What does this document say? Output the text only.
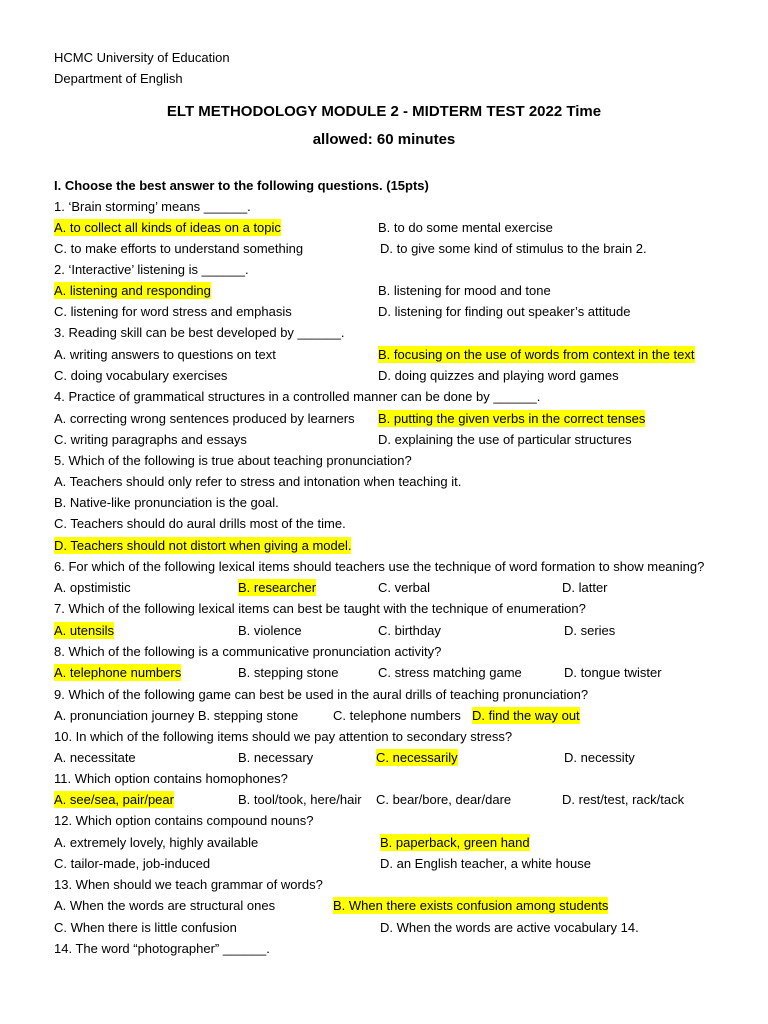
HCMC University of Education
Department of English
ELT METHODOLOGY MODULE 2 - MIDTERM TEST 2022 Time
allowed: 60 minutes
I. Choose the best answer to the following questions. (15pts)
1. ‘Brain storming’ means ______.
A. to collect all kinds of ideas on a topic	B. to do some mental exercise
C. to make efforts to understand something	D. to give some kind of stimulus to the brain 2.
2. ‘Interactive’ listening is ______.
A. listening and responding	B. listening for mood and tone
C. listening for word stress and emphasis	D. listening for finding out speaker’s attitude
3. Reading skill can be best developed by ______.
A. writing answers to questions on text	B. focusing on the use of words from context in the text
C. doing vocabulary exercises	D. doing quizzes and playing word games
4. Practice of grammatical structures in a controlled manner can be done by ______.
A. correcting wrong sentences produced by learners B. putting the given verbs in the correct tenses
C. writing paragraphs and essays	D. explaining the use of particular structures
5. Which of the following is true about teaching pronunciation?
A. Teachers should only refer to stress and intonation when teaching it.
B. Native-like pronunciation is the goal.
C. Teachers should do aural drills most of the time.
D. Teachers should not distort when giving a model.
6. For which of the following lexical items should teachers use the technique of word formation to show meaning?
A. opstimistic	B. researcher	C. verbal	D. latter
7. Which of the following lexical items can best be taught with the technique of enumeration?
A. utensils	B. violence	C. birthday	D. series
8. Which of the following is a communicative pronunciation activity?
A. telephone numbers	B. stepping stone	C. stress matching game	D. tongue twister
9. Which of the following game can best be used in the aural drills of teaching pronunciation?
A. pronunciation journey B. stepping stone	C. telephone numbers D. find the way out
10. In which of the following items should we pay attention to secondary stress?
A. necessitate	B. necessary	C. necessarily	D. necessity
11. Which option contains homophones?
A. see/sea, pair/pear	B. tool/took, here/hair C. bear/bore, dear/dare	D. rest/test, rack/tack
12. Which option contains compound nouns?
A. extremely lovely, highly available	B. paperback, green hand
C. tailor-made, job-induced	D. an English teacher, a white house
13. When should we teach grammar of words?
A. When the words are structural ones	B. When there exists confusion among students
C. When there is little confusion	D. When the words are active vocabulary 14.
14. The word “photographer” ______.
